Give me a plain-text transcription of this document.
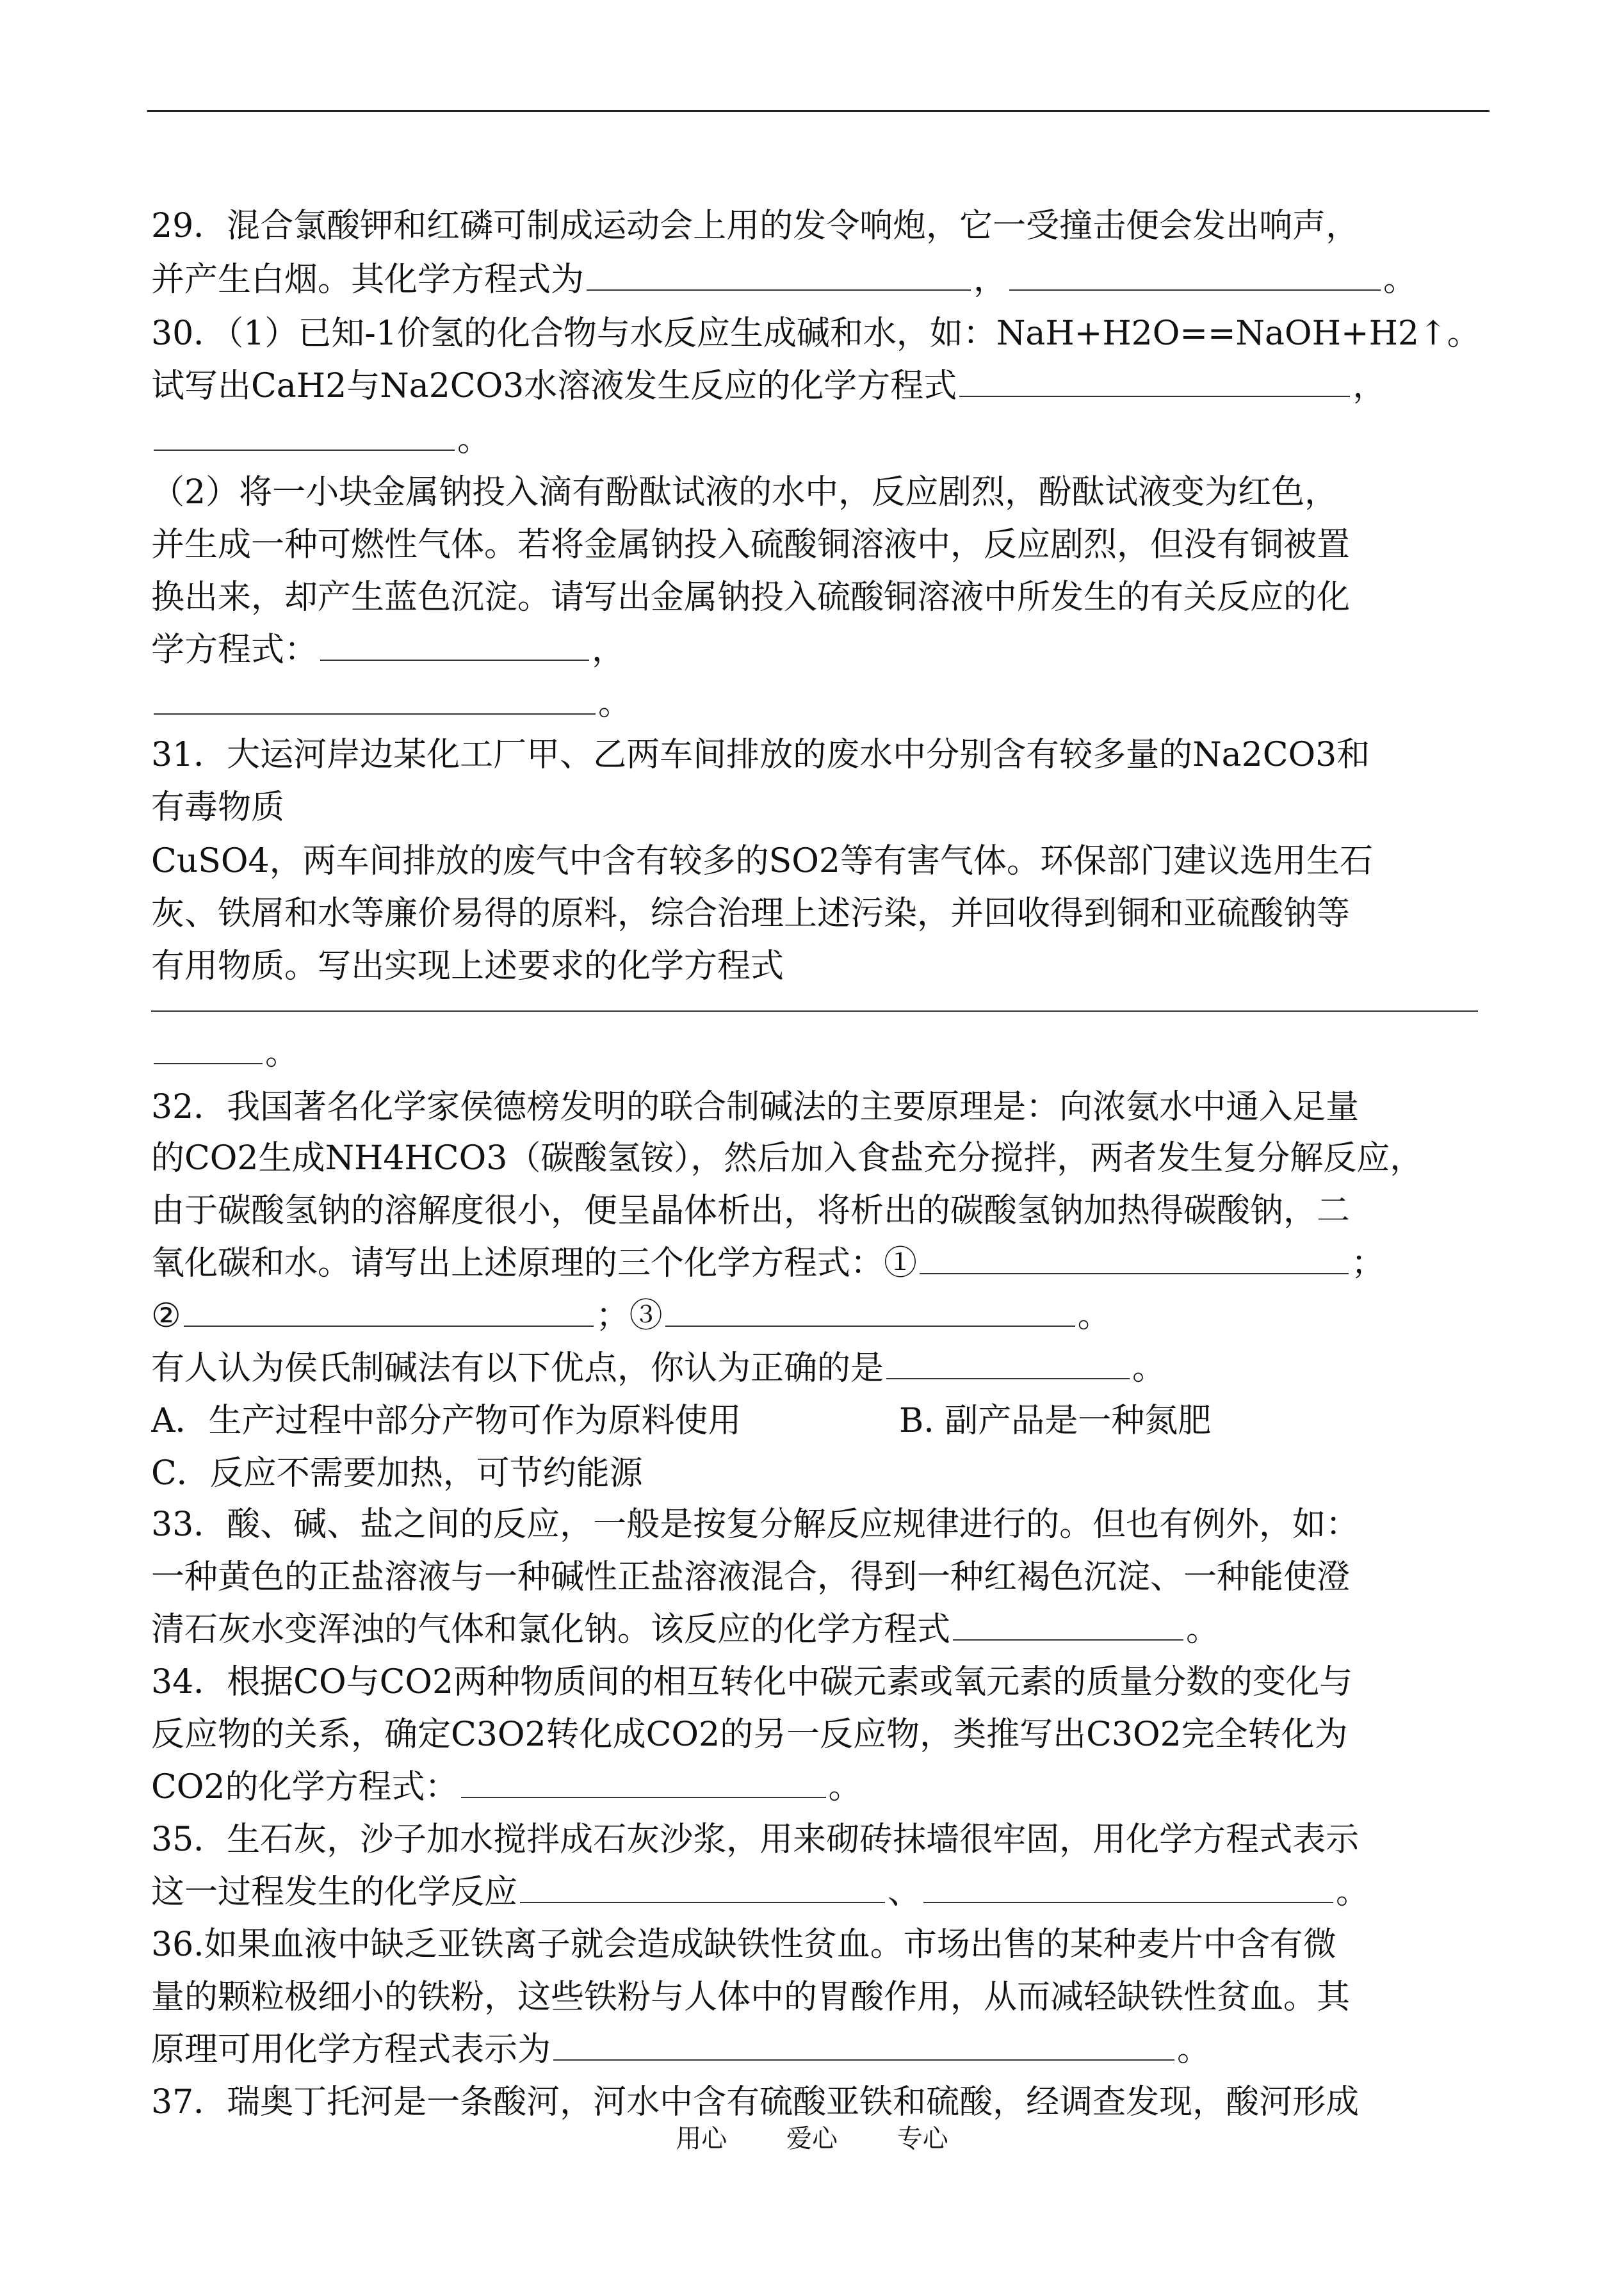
29．混合氯酸钾和红磷可制成运动会上用的发令响炮，它一受撞击便会发出响声，
并产生白烟。其化学方程式为	，	。
30．（1）已知-1价氢的化合物与水反应生成碱和水，如：NaH+H2O==NaOH+H2↑。
试写出CaH2与Na2CO3水溶液发生反应的化学方程式	，
。
（2）将一小块金属钠投入滴有酚酞试液的水中，反应剧烈，酚酞试液变为红色，
并生成一种可燃性气体。若将金属钠投入硫酸铜溶液中，反应剧烈，但没有铜被置
换出来，却产生蓝色沉淀。请写出金属钠投入硫酸铜溶液中所发生的有关反应的化
学方程式：	，
。
31．大运河岸边某化工厂甲、乙两车间排放的废水中分别含有较多量的Na2CO3和
有毒物质
CuSO4，两车间排放的废气中含有较多的SO2等有害气体。环保部门建议选用生石
灰、铁屑和水等廉价易得的原料，综合治理上述污染，并回收得到铜和亚硫酸钠等
有用物质。写出实现上述要求的化学方程式
。
32．我国著名化学家侯德榜发明的联合制碱法的主要原理是：向浓氨水中通入足量
的CO2生成NH4HCO3（碳酸氢铵），然后加入食盐充分搅拌，两者发生复分解反应，
由于碳酸氢钠的溶解度很小，便呈晶体析出，将析出的碳酸氢钠加热得碳酸钠，二
氧化碳和水。请写出上述原理的三个化学方程式：①	；
②	；③	。
有人认为侯氏制碱法有以下优点，你认为正确的是	。
A．生产过程中部分产物可作为原料使用	B. 副产品是一种氮肥
C．反应不需要加热，可节约能源
33．酸、碱、盐之间的反应，一般是按复分解反应规律进行的。但也有例外，如：
一种黄色的正盐溶液与一种碱性正盐溶液混合，得到一种红褐色沉淀、一种能使澄
清石灰水变浑浊的气体和氯化钠。该反应的化学方程式	。
34．根据CO与CO2两种物质间的相互转化中碳元素或氧元素的质量分数的变化与
反应物的关系，确定C3O2转化成CO2的另一反应物，类推写出C3O2完全转化为
CO2的化学方程式：	。
35．生石灰，沙子加水搅拌成石灰沙浆，用来砌砖抹墙很牢固，用化学方程式表示
这一过程发生的化学反应	、	。
36.如果血液中缺乏亚铁离子就会造成缺铁性贫血。市场出售的某种麦片中含有微
量的颗粒极细小的铁粉，这些铁粉与人体中的胃酸作用，从而减轻缺铁性贫血。其
原理可用化学方程式表示为	。
37．瑞奥丁托河是一条酸河，河水中含有硫酸亚铁和硫酸，经调查发现，酸河形成
用心 爱心 专心
